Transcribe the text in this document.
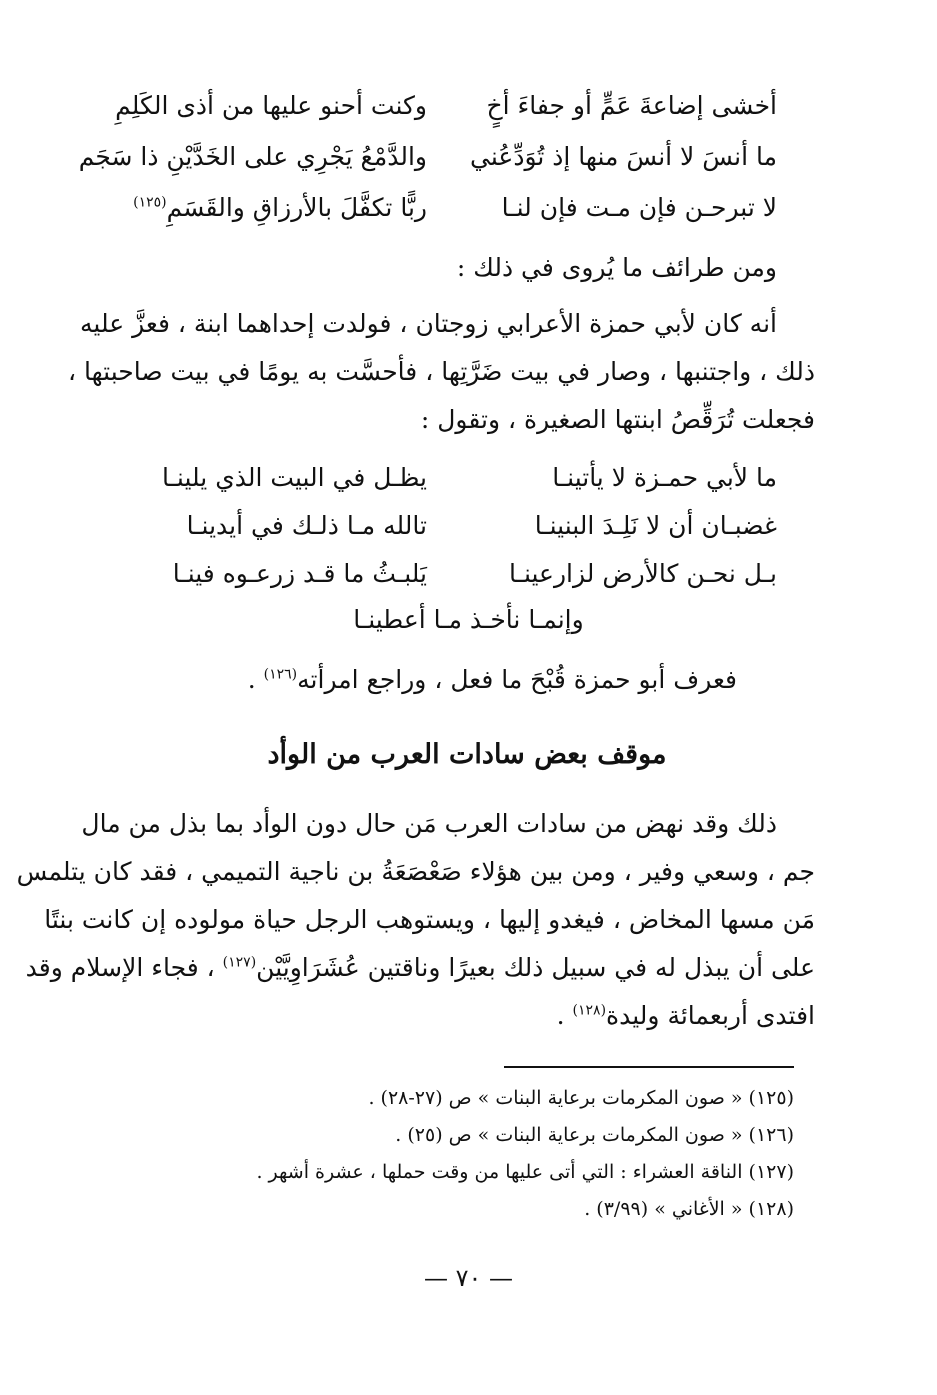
أخشى إضاعةَ عَمٍّ أو جفاءَ أخٍ
وكنت أحنو عليها من أذى الكَلِمِ
ما أنسَ لا أنسَ منها إذ تُوَدِّعُني
والدَّمْعُ يَجْرِي على الخَدَّيْنِ ذا سَجَم
لا تبرحـن فإن مـت فإن لنـا
ربًّا تكفَّلَ بالأرزاقِ والقَسَمِ$^{(١٢٥)}$
ومن طرائف ما يُروى في ذلك :
أنه كان لأبي حمزة الأعرابي زوجتان ، فولدت إحداهما ابنة ، فعزَّ عليه
ذلك ، واجتنبها ، وصار في بيت ضَرَّتِها ، فأحسَّت به يومًا في بيت صاحبتها ،
فجعلت تُرَقِّصُ ابنتها الصغيرة ، وتقول :
ما لأبي حمـزة لا يأتينـا
يظـل في البيت الذي يلينـا
غضبـان أن لا نَلِـدَ البنينـا
تالله مـا ذلـك في أيدينـا
بـل نحـن كالأرض لزارعينـا
يَلبـثُ ما قـد زرعـوه فينـا
وإنمـا نأخـذ مـا أعطينـا
فعرف أبو حمزة قُبْحَ ما فعل ، وراجع امرأته$^{(١٢٦)}$ .
موقف بعض سادات العرب من الوأد
ذلك وقد نهض من سادات العرب مَن حال دون الوأد بما بذل من مال
جم ، وسعي وفير ، ومن بين هؤلاء صَعْصَعَةُ بن ناجية التميمي ، فقد كان يتلمس
مَن مسها المخاض ، فيغدو إليها ، ويستوهب الرجل حياة مولوده إن كانت بنتًا
على أن يبذل له في سبيل ذلك بعيرًا وناقتين عُشَرَاوِيَّيْن$^{(١٢٧)}$ ، فجاء الإسلام وقد
افتدى أربعمائة وليدة$^{(١٢٨)}$ .
(١٢٥) « صون المكرمات برعاية البنات » ص (٢٧-٢٨) .
(١٢٦) « صون المكرمات برعاية البنات » ص (٢٥) .
(١٢٧) الناقة العشراء : التي أتى عليها من وقت حملها ، عشرة أشهر .
(١٢٨) « الأغاني » (٣/٩٩) .
— ٧٠ —
